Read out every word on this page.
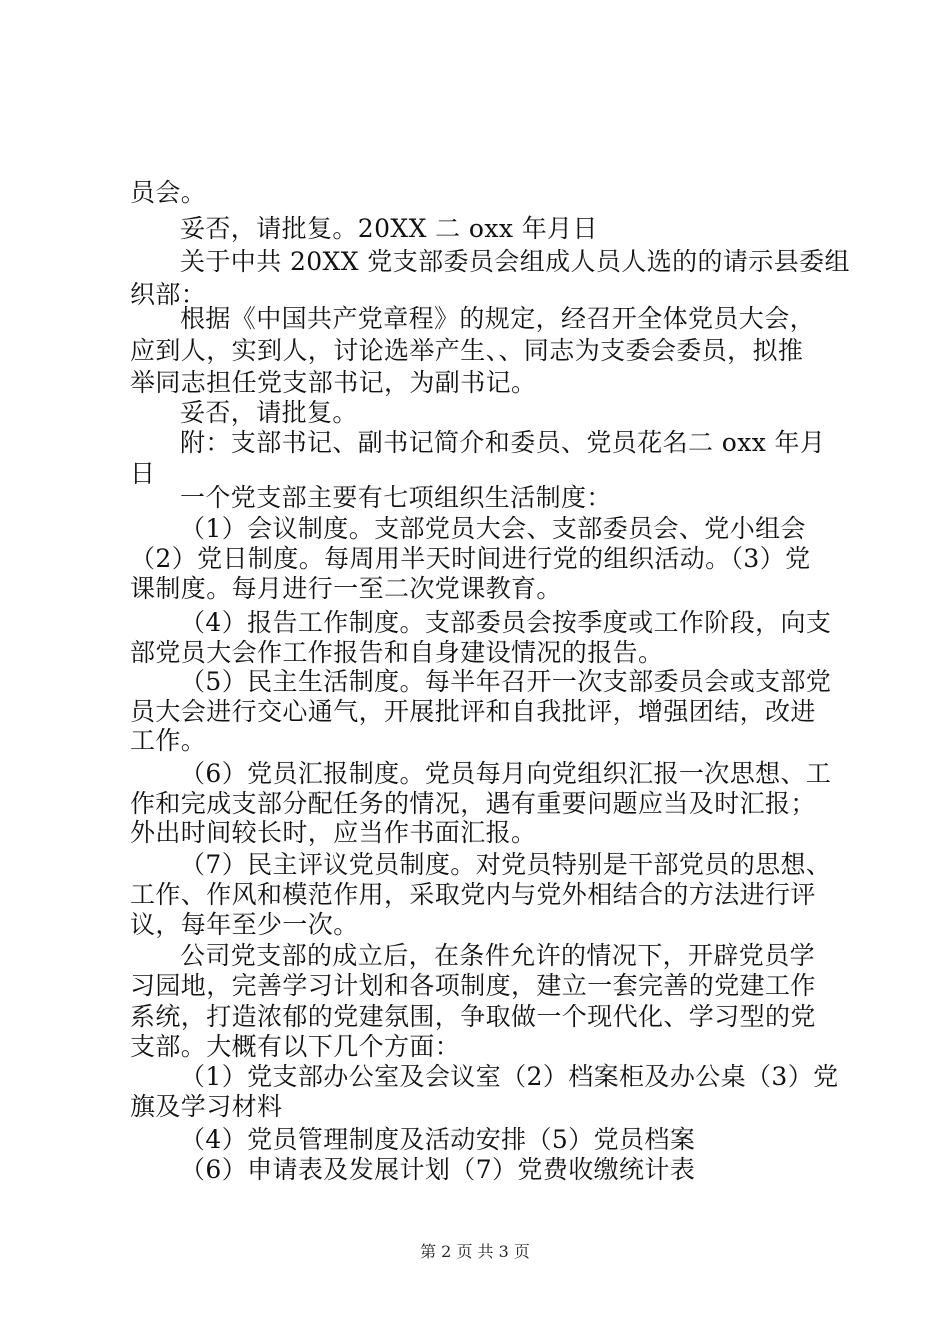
员会。
妥否，请批复。20XX 二 oxx 年月日
关于中共 20XX 党支部委员会组成人员人选的的请示县委组
织部：
根据《中国共产党章程》的规定，经召开全体党员大会，
应到人，实到人，讨论选举产生、、同志为支委会委员，拟推
举同志担任党支部书记，为副书记。
妥否，请批复。
附：支部书记、副书记简介和委员、党员花名二 oxx 年月
日
一个党支部主要有七项组织生活制度：
（1）会议制度。支部党员大会、支部委员会、党小组会
（2）党日制度。每周用半天时间进行党的组织活动。（3）党
课制度。每月进行一至二次党课教育。
（4）报告工作制度。支部委员会按季度或工作阶段，向支
部党员大会作工作报告和自身建设情况的报告。
（5）民主生活制度。每半年召开一次支部委员会或支部党
员大会进行交心通气，开展批评和自我批评，增强团结，改进
工作。
（6）党员汇报制度。党员每月向党组织汇报一次思想、工
作和完成支部分配任务的情况，遇有重要问题应当及时汇报；
外出时间较长时，应当作书面汇报。
（7）民主评议党员制度。对党员特别是干部党员的思想、
工作、作风和模范作用，采取党内与党外相结合的方法进行评
议，每年至少一次。
公司党支部的成立后，在条件允许的情况下，开辟党员学
习园地，完善学习计划和各项制度，建立一套完善的党建工作
系统，打造浓郁的党建氛围，争取做一个现代化、学习型的党
支部。大概有以下几个方面：
（1）党支部办公室及会议室（2）档案柜及办公桌（3）党
旗及学习材料
（4）党员管理制度及活动安排（5）党员档案
（6）申请表及发展计划（7）党费收缴统计表
第 2 页 共 3 页
